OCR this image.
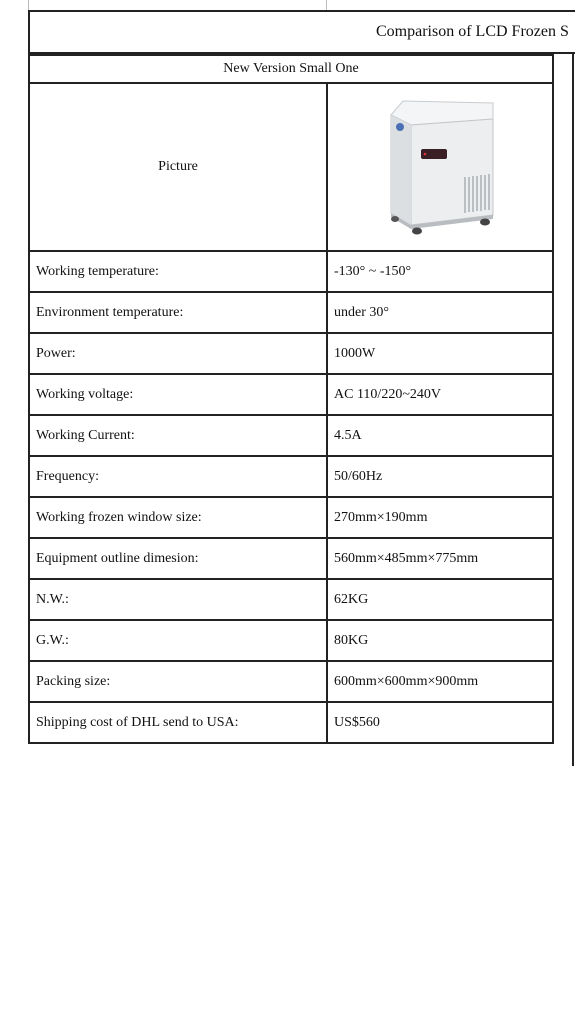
Comparison of LCD Frozen S
New Version Small One	
Picture	

Working temperature:	-130° ~ -150°
Environment temperature:	under 30°
Power:	1000W
Working voltage:	AC 110/220~240V
Working Current:	4.5A
Frequency:	50/60Hz
Working frozen window size:	270mm×190mm
Equipment outline dimesion:	560mm×485mm×775mm
N.W.:	62KG
G.W.:	80KG
Packing size:	600mm×600mm×900mm
Shipping cost of DHL send to USA:	US$560
